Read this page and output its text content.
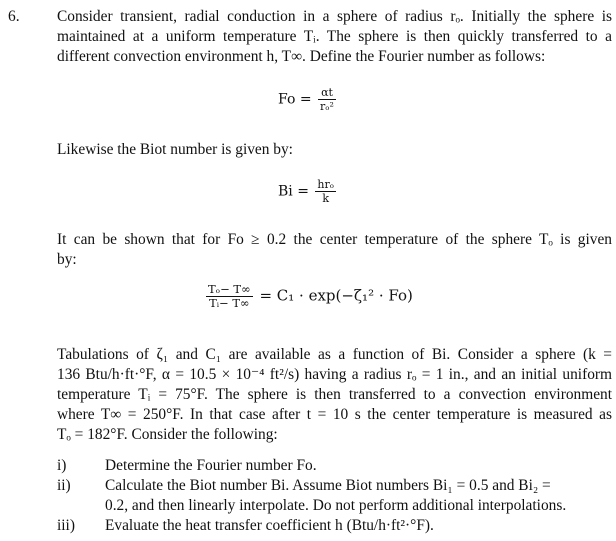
6. Consider transient, radial conduction in a sphere of radius rₒ. Initially the sphere is
maintained at a uniform temperature Tᵢ. The sphere is then quickly transferred to a
different convection environment h, T∞. Define the Fourier number as follows:
$Fo = \frac{\alpha t}{\text{rₒ²}}$
Likewise the Biot number is given by:
$Bi = \frac{\text{hrₒ}}{k}$
It can be shown that for Fo ≥ 0.2 the center temperature of the sphere Tₒ is given
by:
$\frac{\text{Tₒ− T∞}}{\text{Tᵢ− T∞}} = C_1 \cdot \exp(-\zeta_1^2 \cdot Fo)$
Tabulations of ζ₁ and C₁ are available as a function of Bi. Consider a sphere (k =
136 Btu/h·ft·°F, α = 10.5 × 10⁻⁴ ft²/s) having a radius rₒ = 1 in., and an initial uniform
temperature Tᵢ = 75°F. The sphere is then transferred to a convection environment
where T∞ = 250°F. In that case after t = 10 s the center temperature is measured as
Tₒ = 182°F. Consider the following:
i)	Determine the Fourier number Fo.
ii) Calculate the Biot number Bi. Assume Biot numbers Bi₁ = 0.5 and Bi₂ =
0.2, and then linearly interpolate. Do not perform additional interpolations.
iii) Evaluate the heat transfer coefficient h (Btu/h·ft²·°F).
